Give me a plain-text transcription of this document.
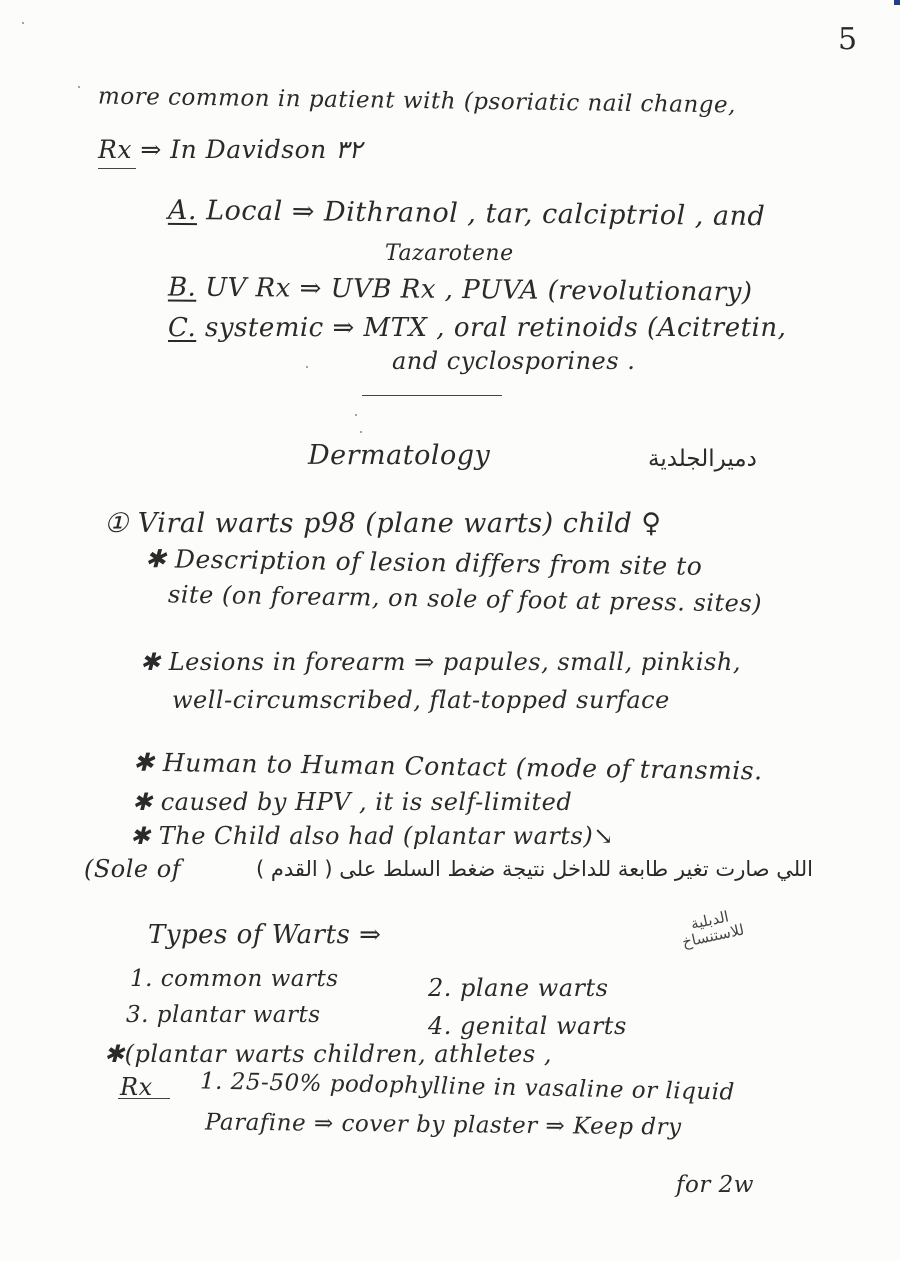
5
more common in patient with (psoriatic nail change,
Rx ⇒ In Davidson ٣٢
A. Local ⇒ Dithranol , tar, calciptriol , and
Tazarotene
B. UV Rx ⇒ UVB Rx , PUVA (revolutionary)
C. systemic ⇒ MTX , oral retinoids (Acitretin,
and cyclosporines .
Dermatology	دميرالجلدية
① Viral warts p98 (plane warts) child ♀
✱ Description of lesion differs from site to
site (on forearm, on sole of foot at press. sites)
✱ Lesions in forearm ⇒ papules, small, pinkish,
well-circumscribed, flat-topped surface
✱ Human to Human Contact (mode of transmis.
✱ caused by HPV , it is self-limited
✱ The Child also had (plantar warts)↘
(Sole of	اللي صارت تغير طابعة للداخل نتيجة ضغط السلط على ( القدم )
Types of Warts ⇒	الدبلية
للاستنساخ
1. common warts	2. plane warts
3. plantar warts	4. genital warts
✱(plantar warts children, athletes ,
Rx 1. 25-50% podophylline in vasaline or liquid
Parafine ⇒ cover by plaster ⇒ Keep dry
for 2w
